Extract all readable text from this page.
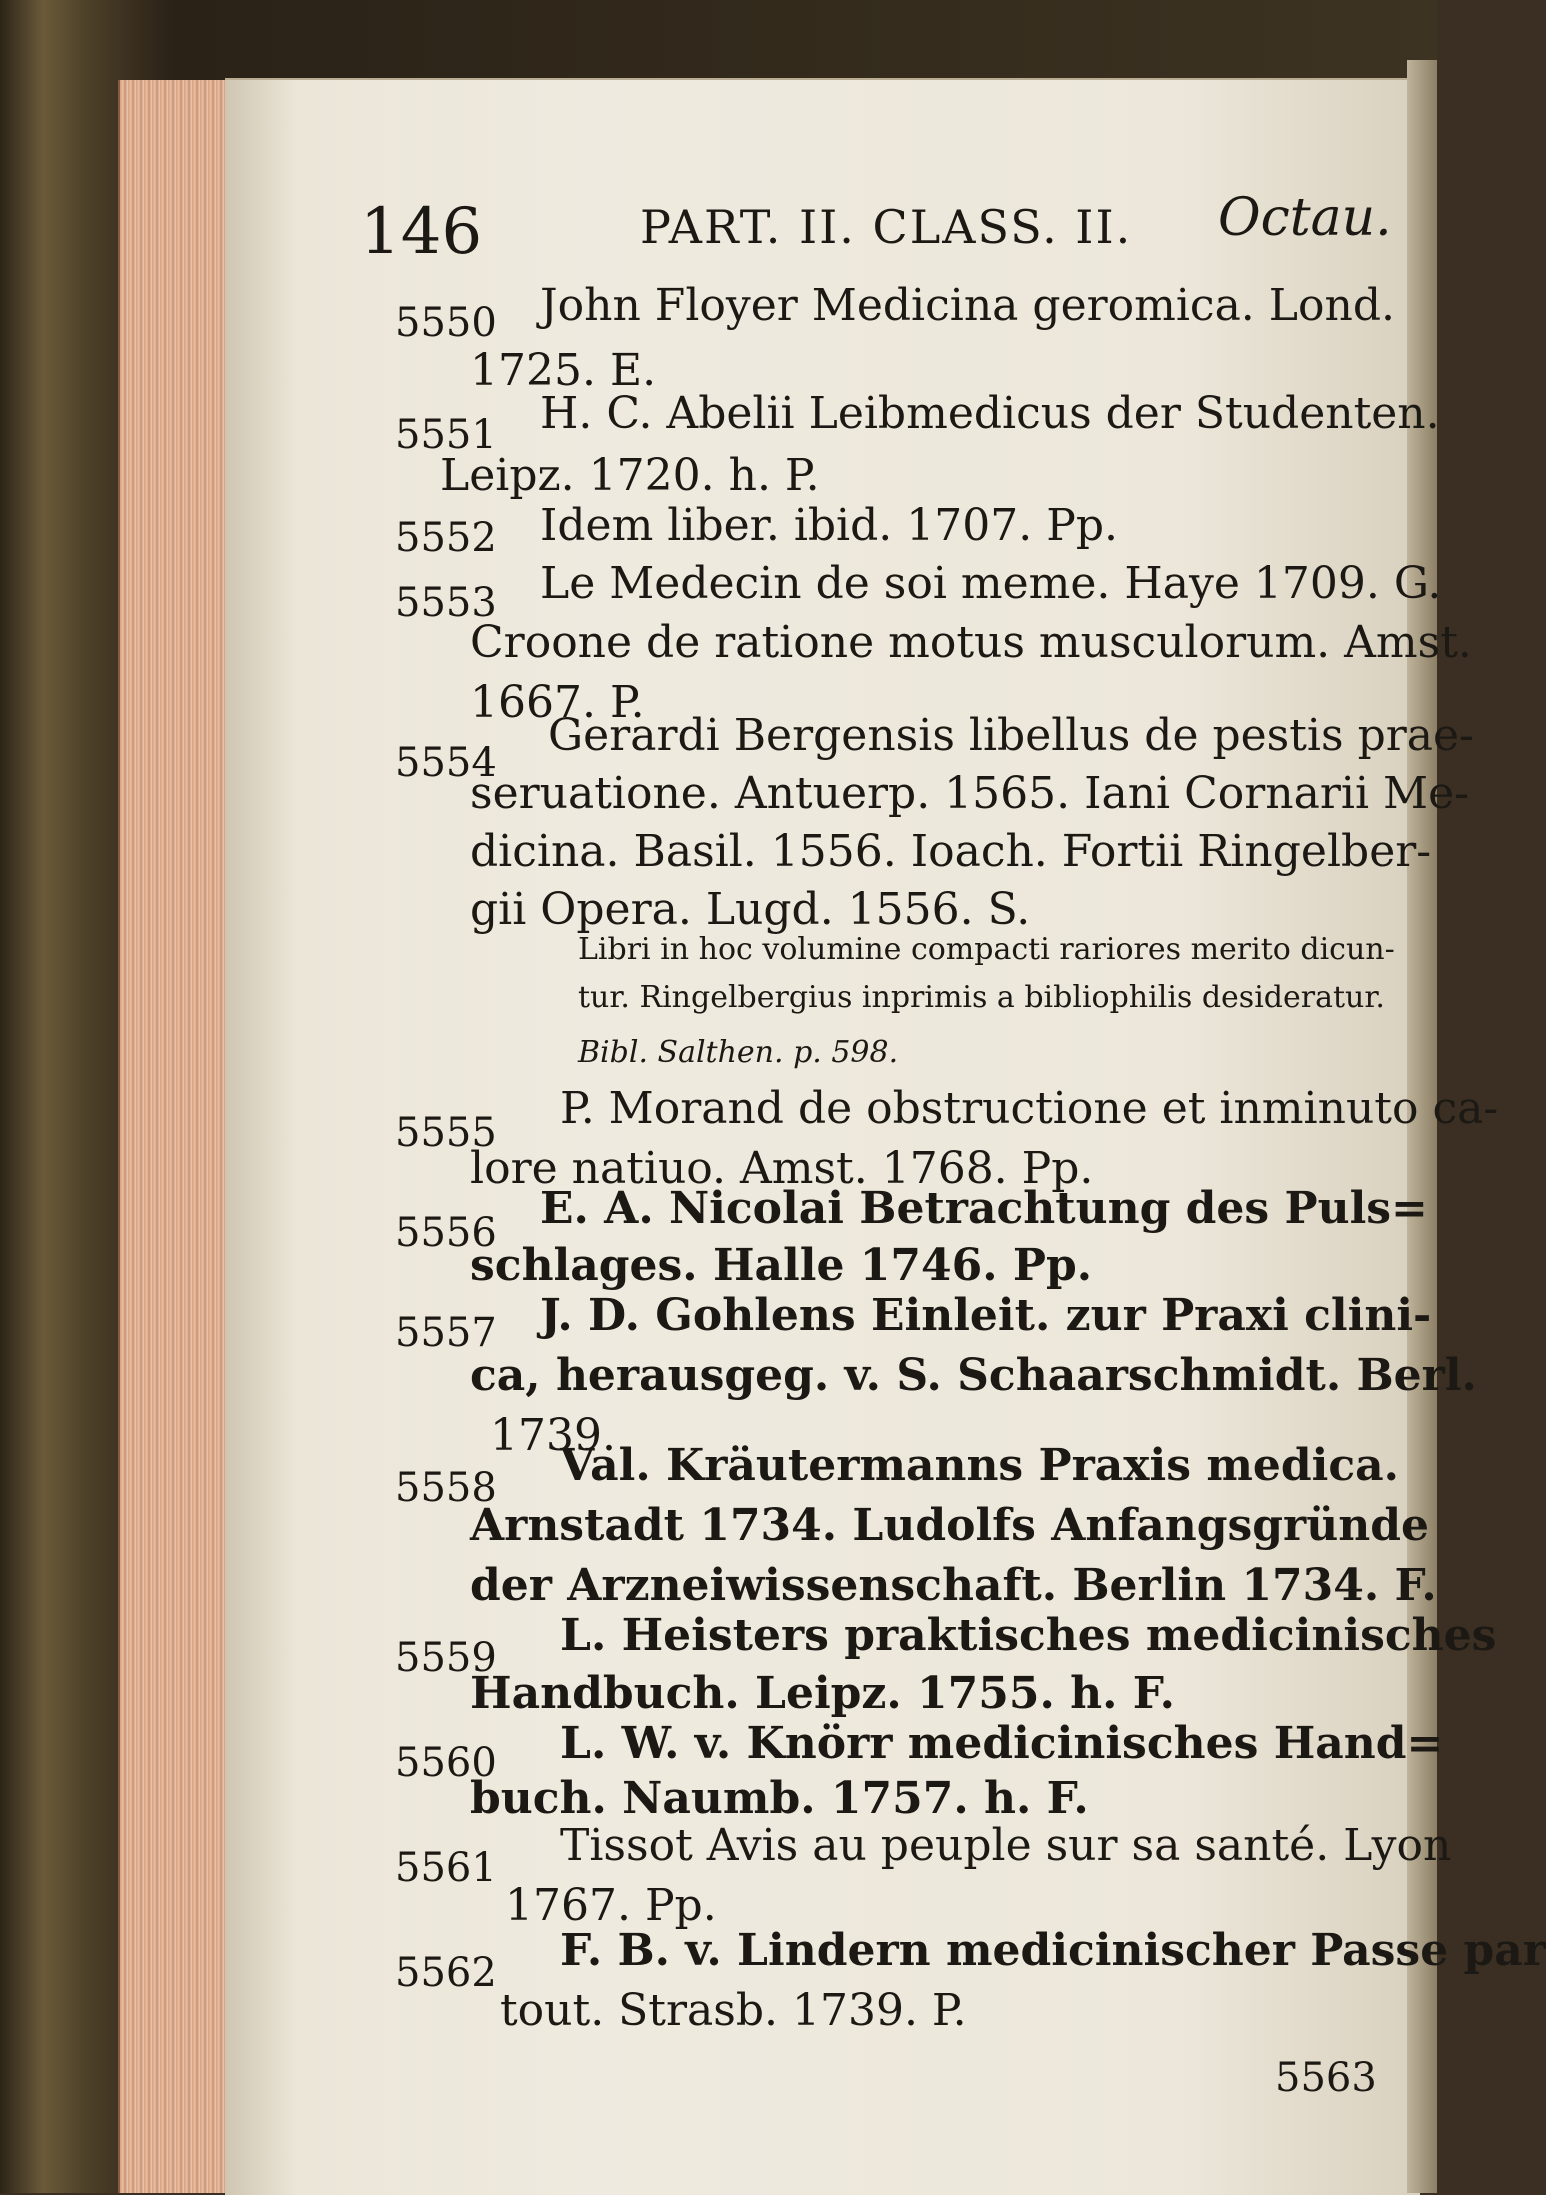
146	PART. II. CLASS. II. Octau.
5550 John Floyer Medicina geromica. Lond.
1725. E.
5551 H. C. Abelii Leibmedicus der Studenten.
Leipz. 1720. h. P.
5552 Idem liber. ibid. 1707. Pp.
5553 Le Medecin de soi meme. Haye 1709. G.
Croone de ratione motus musculorum. Amst.
1667. P.
5554
Gerardi Bergensis libellus de pestis prae-
seruatione. Antuerp. 1565. Iani Cornarii Me-
dicina. Basil. 1556. Ioach. Fortii Ringelber-
gii Opera. Lugd. 1556. S.
Libri in hoc volumine compacti rariores merito dicun-
tur. Ringelbergius inprimis a bibliophilis desideratur.
Bibl. Salthen. p. 598.
5555 P. Morand de obstructione et inminuto ca-
lore natiuo. Amst. 1768. Pp.
5556 E. A. Nicolai Betrachtung des Puls=
schlages. Halle 1746. Pp.
5557 J. D. Gohlens Einleit. zur Praxi clini-
ca, herausgeg. v. S. Schaarschmidt. Berl.
1739.
5558 Val. Kräutermanns Praxis medica.
Arnstadt 1734. Ludolfs Anfangsgründe
der Arzneiwissenschaft. Berlin 1734. F.
5559 L. Heisters praktisches medicinisches
Handbuch. Leipz. 1755. h. F.
5560 L. W. v. Knörr medicinisches Hand=
buch. Naumb. 1757. h. F.
5561 Tissot Avis au peuple sur sa santé. Lyon
1767. Pp.
5562 F. B. v. Lindern medicinischer Passe par
tout. Strasb. 1739. P.
5563
